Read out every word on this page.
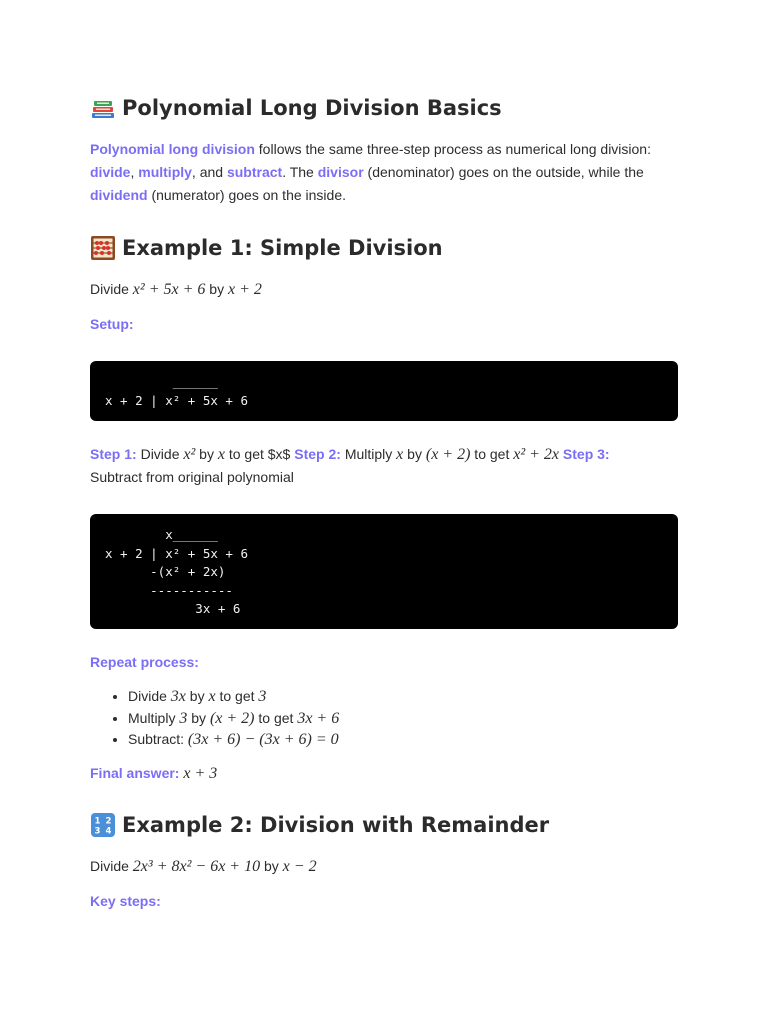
Polynomial Long Division Basics

Polynomial long division follows the same three-step process as numerical long division: divide, multiply, and subtract. The divisor (denominator) goes on the outside, while the dividend (numerator) goes on the inside.

Example 1: Simple Division

Divide x² + 5x + 6 by x + 2

Setup:

______
x + 2 | x² + 5x + 6

Step 1: Divide x² by x to get $x$ Step 2: Multiply x by (x + 2) to get x² + 2x Step 3:
Subtract from original polynomial

x______
x + 2 | x² + 5x + 6
-(x² + 2x)
-----------
3x + 6

Repeat process:

• Divide 3x by x to get 3
• Multiply 3 by (x + 2) to get 3x + 6
• Subtract: (3x + 6) − (3x + 6) = 0

Final answer: x + 3

1 2
3 4 Example 2: Division with Remainder

Divide 2x³ + 8x² − 6x + 10 by x − 2

Key steps:
